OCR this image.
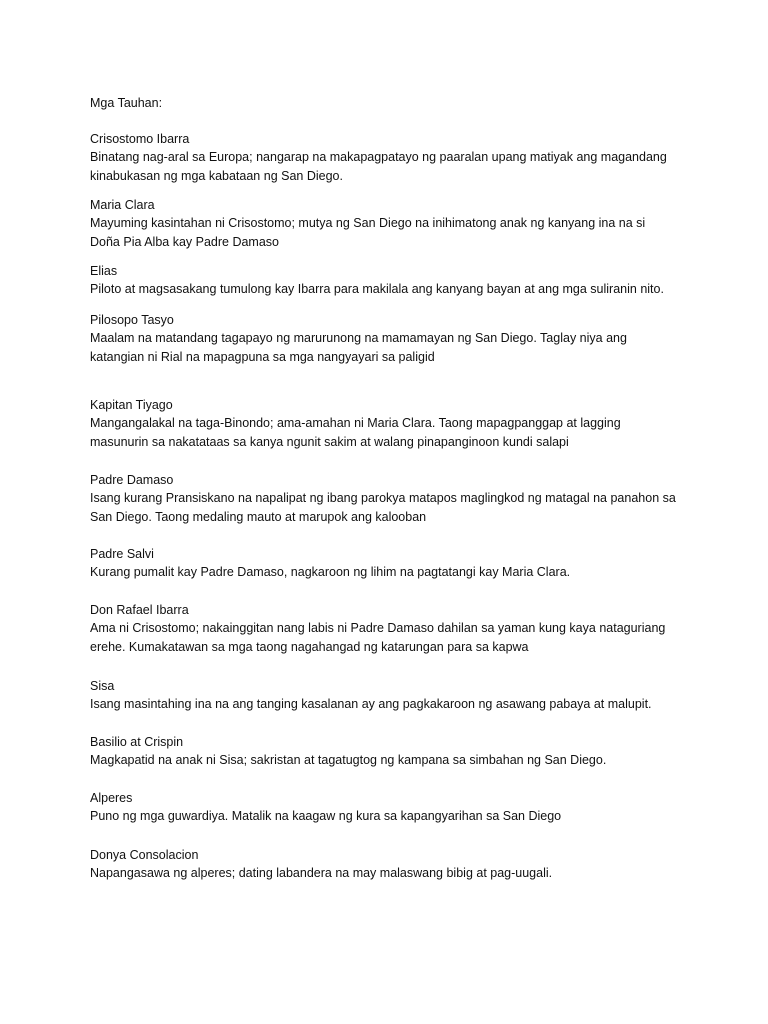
Mga Tauhan:
Crisostomo Ibarra
Binatang nag-aral sa Europa; nangarap na makapagpatayo ng paaralan upang matiyak ang magandang
kinabukasan ng mga kabataan ng San Diego.
Maria Clara
Mayuming kasintahan ni Crisostomo; mutya ng San Diego na inihimatong anak ng kanyang ina na si
Doña Pia Alba kay Padre Damaso
Elias
Piloto at magsasakang tumulong kay Ibarra para makilala ang kanyang bayan at ang mga suliranin nito.
Pilosopo Tasyo
Maalam na matandang tagapayo ng marurunong na mamamayan ng San Diego. Taglay niya ang
katangian ni Rial na mapagpuna sa mga nangyayari sa paligid
Kapitan Tiyago
Mangangalakal na taga-Binondo; ama-amahan ni Maria Clara. Taong mapagpanggap at lagging
masunurin sa nakatataas sa kanya ngunit sakim at walang pinapanginoon kundi salapi
Padre Damaso
Isang kurang Pransiskano na napalipat ng ibang parokya matapos maglingkod ng matagal na panahon sa
San Diego. Taong medaling mauto at marupok ang kalooban
Padre Salvi
Kurang pumalit kay Padre Damaso, nagkaroon ng lihim na pagtatangi kay Maria Clara.
Don Rafael Ibarra
Ama ni Crisostomo; nakainggitan nang labis ni Padre Damaso dahilan sa yaman kung kaya nataguriang
erehe. Kumakatawan sa mga taong nagahangad ng katarungan para sa kapwa
Sisa
Isang masintahing ina na ang tanging kasalanan ay ang pagkakaroon ng asawang pabaya at malupit.
Basilio at Crispin
Magkapatid na anak ni Sisa; sakristan at tagatugtog ng kampana sa simbahan ng San Diego.
Alperes
Puno ng mga guwardiya. Matalik na kaagaw ng kura sa kapangyarihan sa San Diego
Donya Consolacion
Napangasawa ng alperes; dating labandera na may malaswang bibig at pag-uugali.
